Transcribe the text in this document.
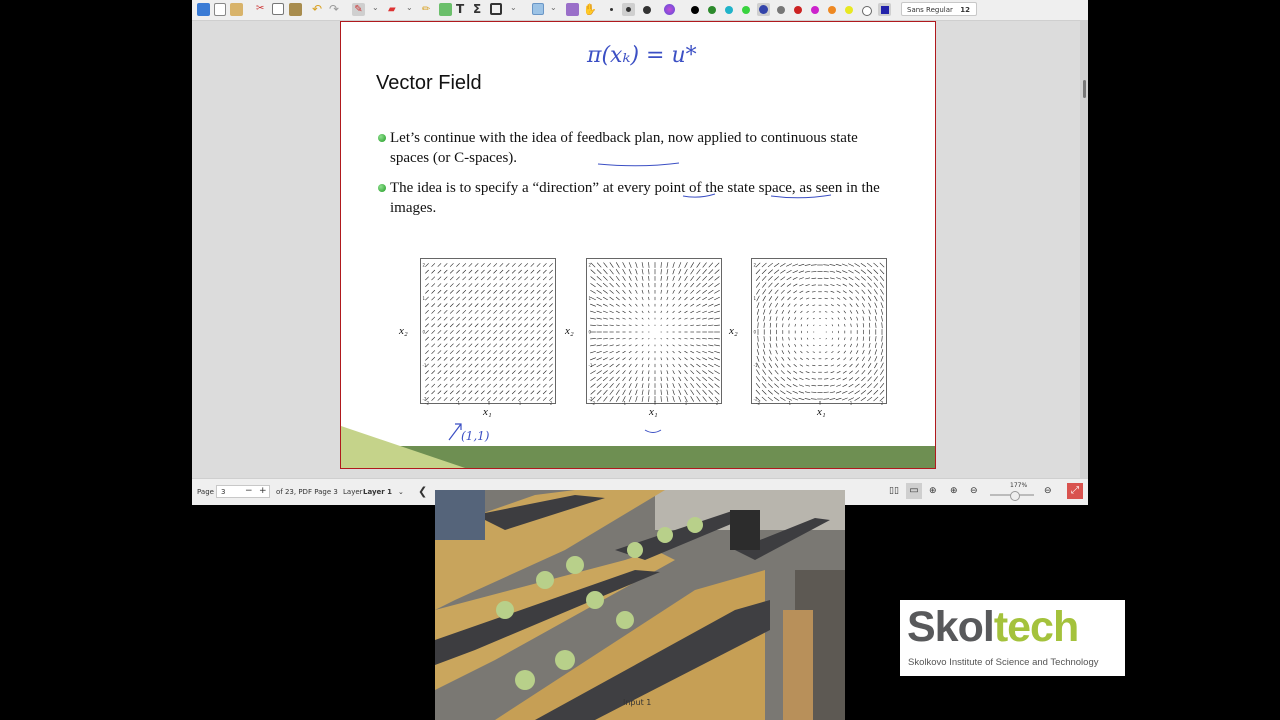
✂	↶ ↷ ✎ ⌄ ▰	⌄ ✏	T Σ	⌄	⌄ ✋	Sans Regular 12
Vector Field
π(xₖ) = u*
Let’s continue with the idea of feedback plan, now applied to continuous state spaces (or C-spaces).
The idea is to specify a “direction” at every point of the state space, as seen in the images.
x₂
-2
-2
-1
-1
0
0
1
1
2
2
x₁
x₂
-2
-2
-1
-1
0
0
1
1
2
2
x₁
x₂
-2
-2
-1
-1
0
0
1
1
2
2
x₁
(1,1)
Page 3 − + of 23, PDF Page 3 Layer Layer 1 ⌄ ❮	▯▯	▭	⊕ ⊕ ⊖
177%
⊖	⤢
Input 1
Skoltech
Skolkovo Institute of Science and Technology
